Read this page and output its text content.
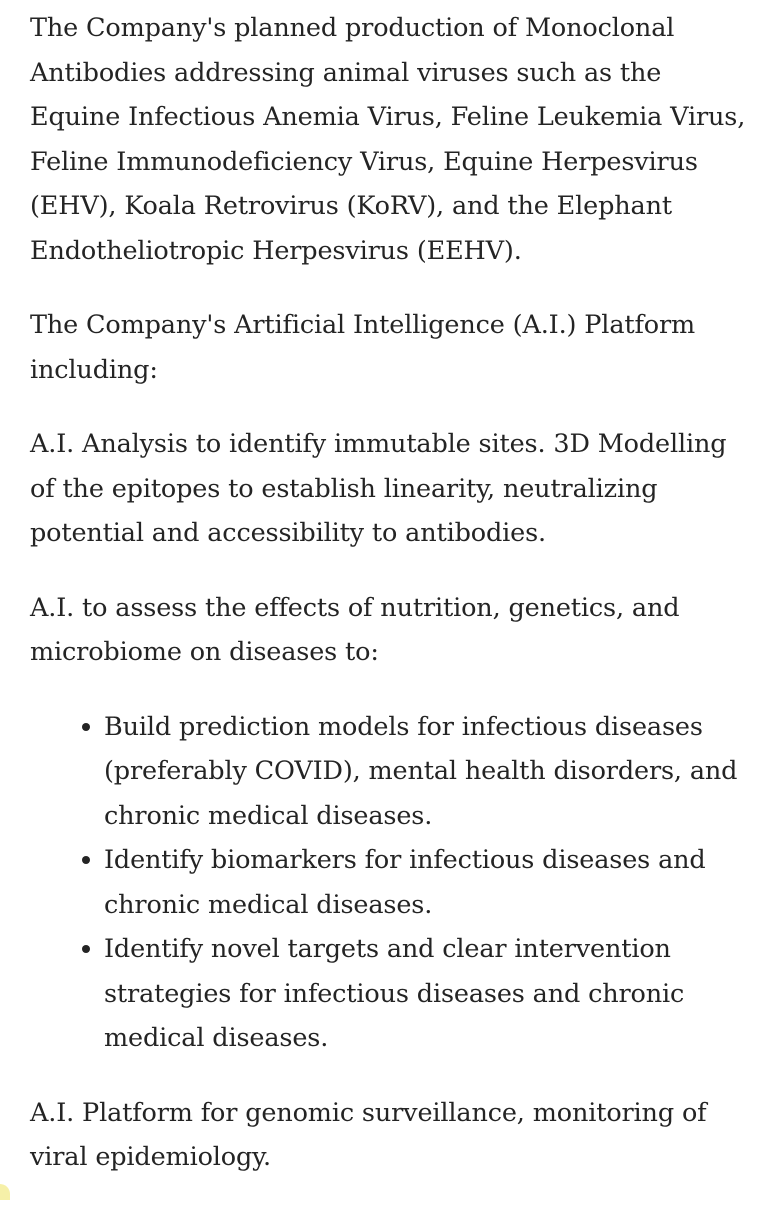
The Company's planned production of Monoclonal Antibodies addressing animal viruses such as the Equine Infectious Anemia Virus, Feline Leukemia Virus, Feline Immunodeficiency Virus, Equine Herpesvirus (EHV), Koala Retrovirus (KoRV), and the Elephant Endotheliotropic Herpesvirus (EEHV).

The Company's Artificial Intelligence (A.I.) Platform including:

A.I. Analysis to identify immutable sites. 3D Modelling of the epitopes to establish linearity, neutralizing potential and accessibility to antibodies.

A.I. to assess the effects of nutrition, genetics, and microbiome on diseases to:

Build prediction models for infectious diseases (preferably COVID), mental health disorders, and chronic medical diseases.
Identify biomarkers for infectious diseases and chronic medical diseases.
Identify novel targets and clear intervention strategies for infectious diseases and chronic medical diseases.

A.I. Platform for genomic surveillance, monitoring of viral epidemiology.
